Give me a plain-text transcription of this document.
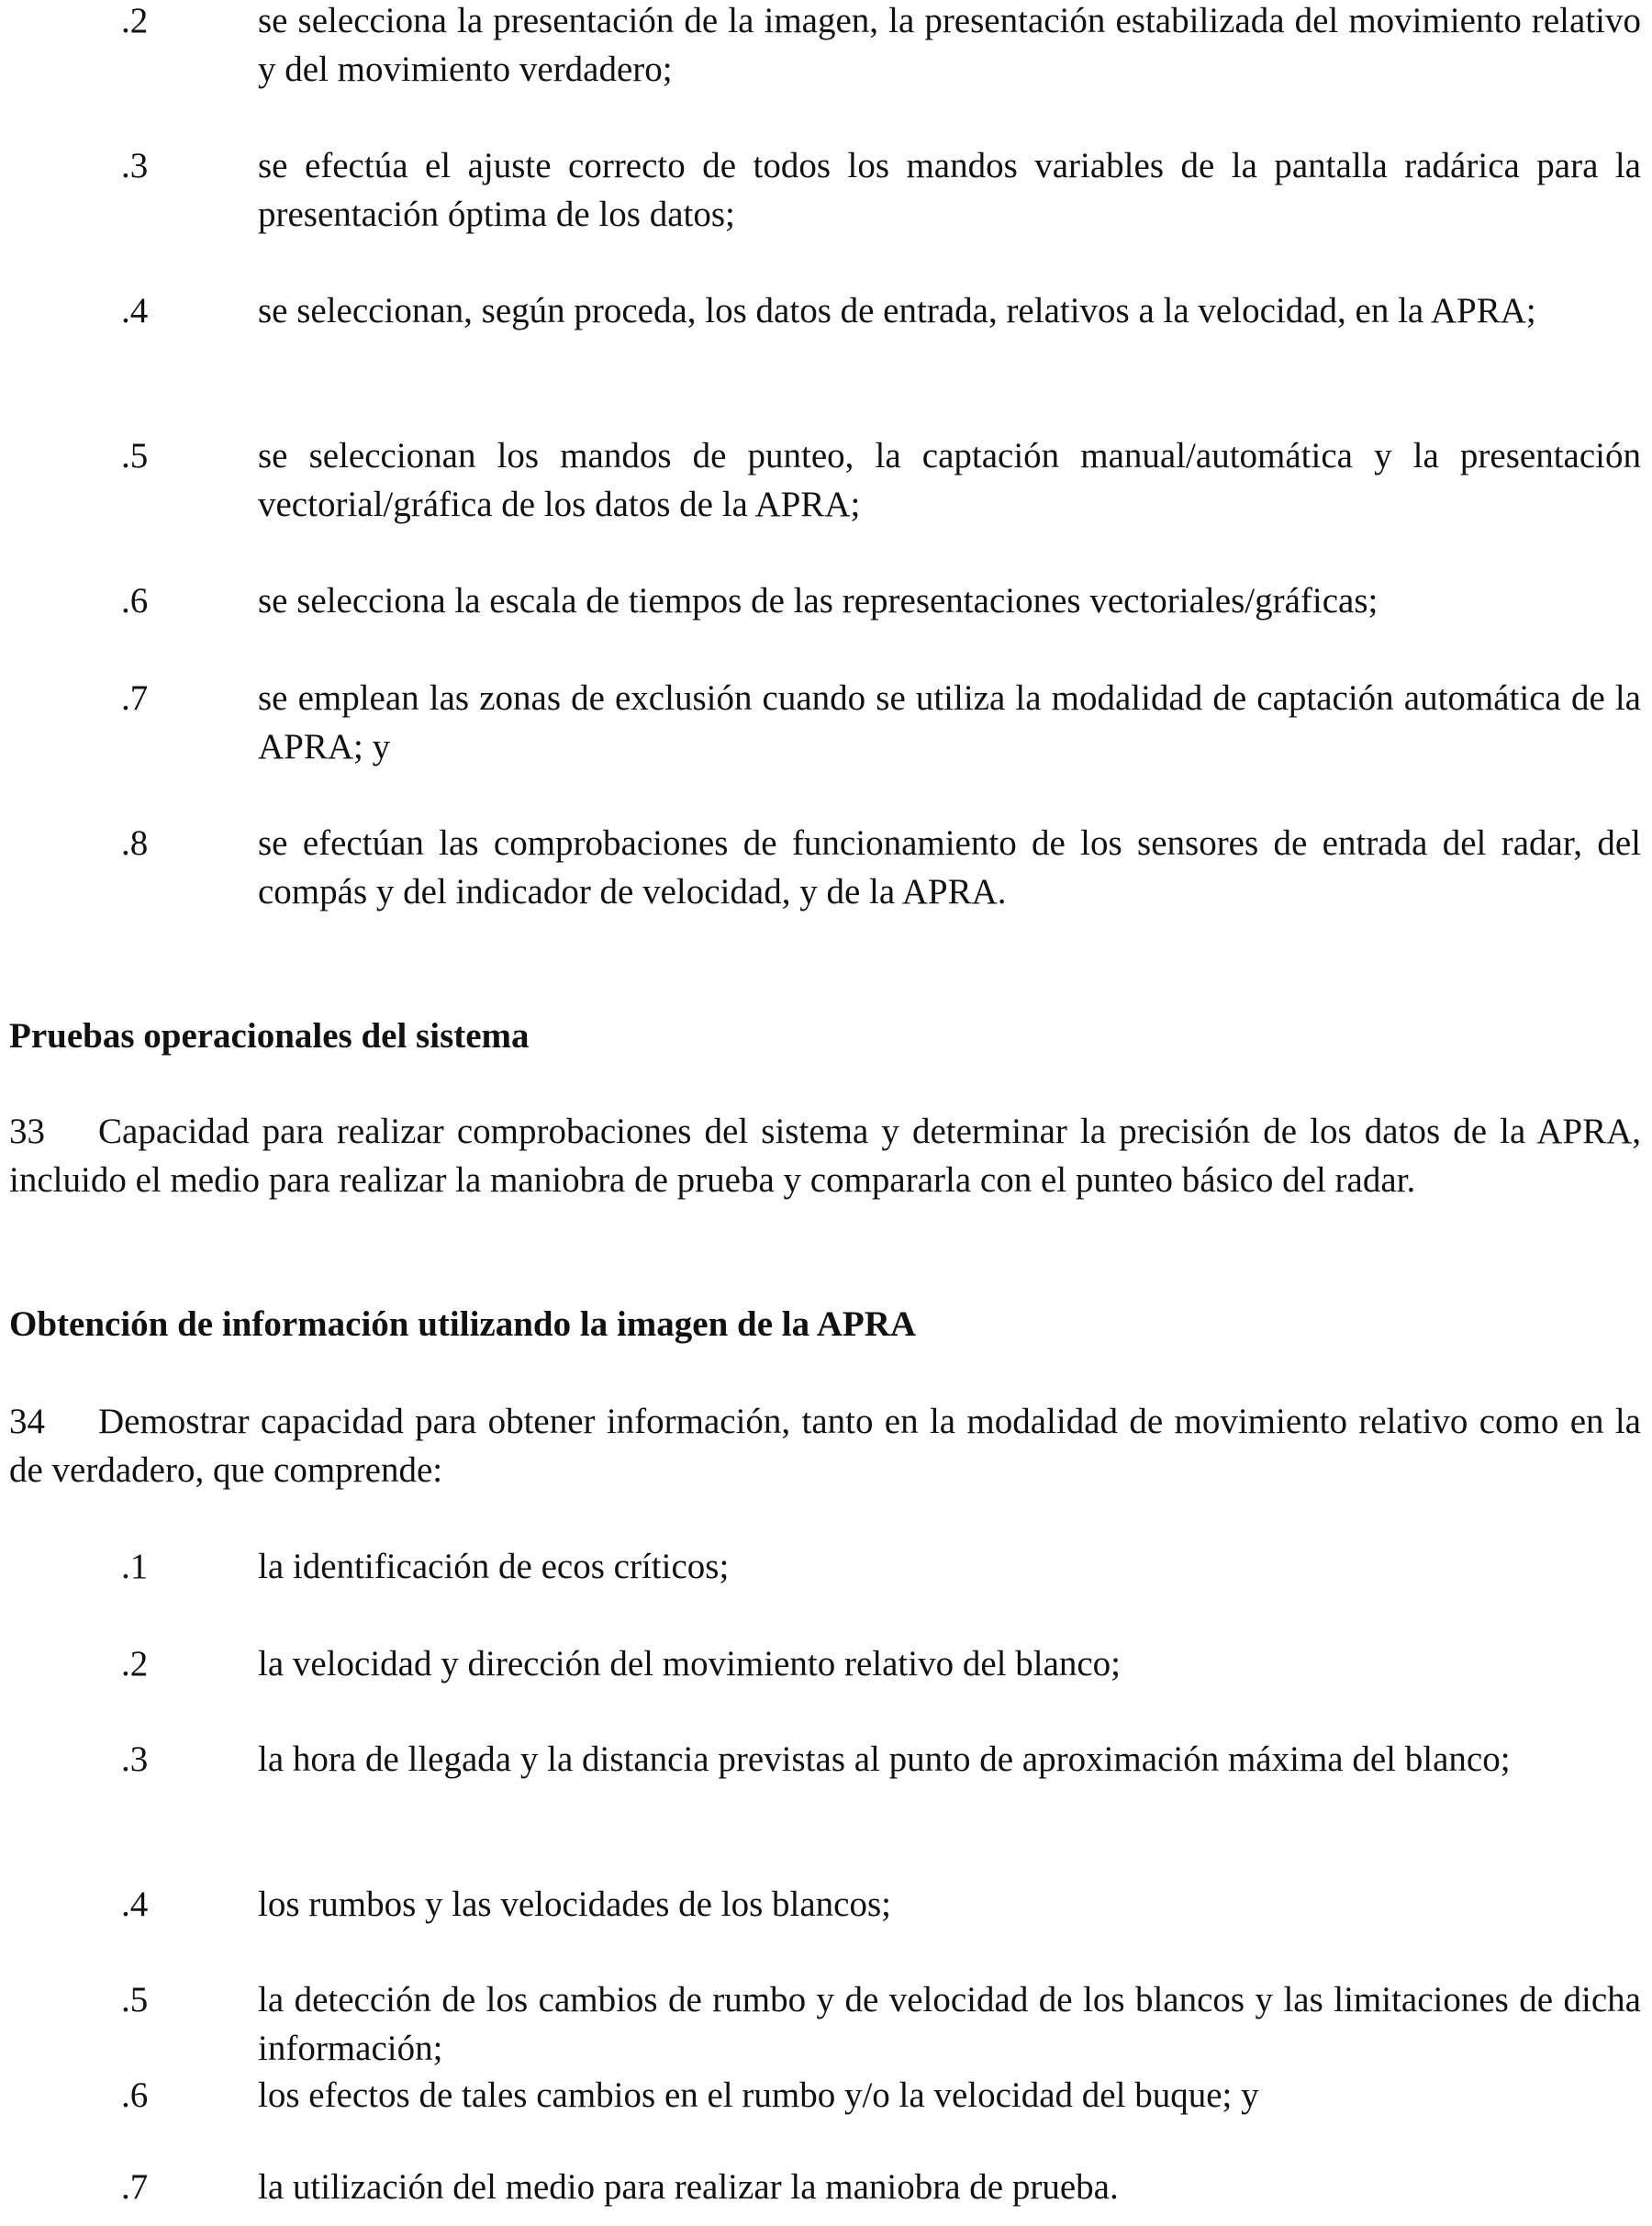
.2	se selecciona la presentación de la imagen, la presentación estabilizada del movimiento relativo y del movimiento verdadero;
.3	se efectúa el ajuste correcto de todos los mandos variables de la pantalla radárica para la presentación óptima de los datos;
.4	se seleccionan, según proceda, los datos de entrada, relativos a la velocidad, en la APRA;
.5	se seleccionan los mandos de punteo, la captación manual/automática y la presentación vectorial/gráfica de los datos de la APRA;
.6	se selecciona la escala de tiempos de las representaciones vectoriales/gráficas;
.7	se emplean las zonas de exclusión cuando se utiliza la modalidad de captación automática de la APRA; y
.8	se efectúan las comprobaciones de funcionamiento de los sensores de entrada del radar, del compás y del indicador de velocidad, y de la APRA.
Pruebas operacionales del sistema
33 Capacidad para realizar comprobaciones del sistema y determinar la precisión de los datos de la APRA, incluido el medio para realizar la maniobra de prueba y compararla con el punteo básico del radar.
Obtención de información utilizando la imagen de la APRA
34 Demostrar capacidad para obtener información, tanto en la modalidad de movimiento relativo como en la de verdadero, que comprende:
.1	la identificación de ecos críticos;
.2	la velocidad y dirección del movimiento relativo del blanco;
.3	la hora de llegada y la distancia previstas al punto de aproximación máxima del blanco;
.4	los rumbos y las velocidades de los blancos;
.5	la detección de los cambios de rumbo y de velocidad de los blancos y las limitaciones de dicha información;
.6	los efectos de tales cambios en el rumbo y/o la velocidad del buque; y
.7	la utilización del medio para realizar la maniobra de prueba.
